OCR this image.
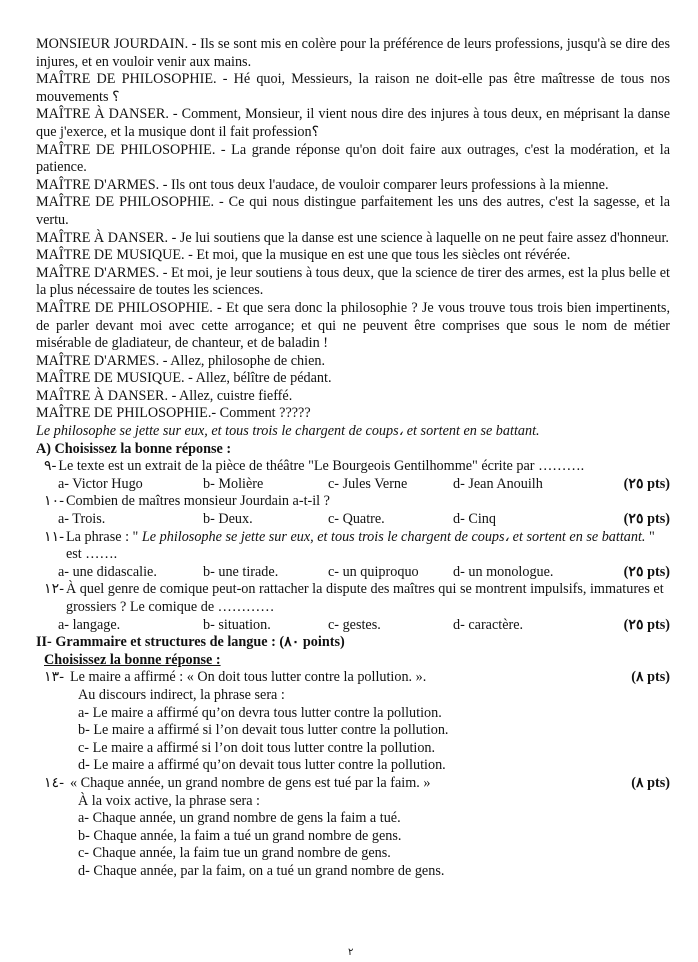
MONSIEUR JOURDAIN. - Ils se sont mis en colère pour la préférence de leurs professions, jusqu'à se dire des injures, et en vouloir venir aux mains.

MAÎTRE DE PHILOSOPHIE. - Hé quoi, Messieurs, la raison ne doit-elle pas être maîtresse de tous nos mouvements ؟

MAÎTRE À DANSER. - Comment, Monsieur, il vient nous dire des injures à tous deux, en méprisant la danse que j'exerce, et la musique dont il fait profession؟

MAÎTRE DE PHILOSOPHIE. - La grande réponse qu'on doit faire aux outrages, c'est la modération, et la patience.

MAÎTRE D'ARMES. - Ils ont tous deux l'audace, de vouloir comparer leurs professions à la mienne.

MAÎTRE DE PHILOSOPHIE. - Ce qui nous distingue parfaitement les uns des autres, c'est la sagesse, et la vertu.

MAÎTRE À DANSER. - Je lui soutiens que la danse est une science à laquelle on ne peut faire assez d'honneur.

MAÎTRE DE MUSIQUE. - Et moi, que la musique en est une que tous les siècles ont révérée.

MAÎTRE D'ARMES. - Et moi, je leur soutiens à tous deux, que la science de tirer des armes, est la plus belle et la plus nécessaire de toutes les sciences.

MAÎTRE DE PHILOSOPHIE. - Et que sera donc la philosophie ? Je vous trouve tous trois bien impertinents, de parler devant moi avec cette arrogance; et qui ne peuvent être comprises que sous le nom de métier misérable de gladiateur, de chanteur, et de baladin !

MAÎTRE D'ARMES. - Allez, philosophe de chien.

MAÎTRE DE MUSIQUE. - Allez, bélître de pédant.

MAÎTRE À DANSER. - Allez, cuistre fieffé.

MAÎTRE DE PHILOSOPHIE.- Comment ?????

Le philosophe se jette sur eux, et tous trois le chargent de coups، et sortent en se battant.

A) Choisissez la bonne réponse :

٩- Le texte est un extrait de la pièce de théâtre "Le Bourgeois Gentilhomme" écrite par ……….
a- Victor Hugo	b- Molière	c- Jules Verne	d- Jean Anouilh	(٢٥ pts)
١٠- Combien de maîtres monsieur Jourdain a-t-il ?
a- Trois.	b- Deux.	c- Quatre.	d- Cinq	(٢٥ pts)
١١- La phrase : " Le philosophe se jette sur eux, et tous trois le chargent de coups، et sortent en se battant. " est …….
a- une didascalie.	b- une tirade.	c- un quiproquo	d- un monologue.	(٢٥ pts)
١٢- À quel genre de comique peut-on rattacher la dispute des maîtres qui se montrent impulsifs, immatures et grossiers ? Le comique de …………
a- langage.	b- situation.	c- gestes.	d- caractère.	(٢٥ pts)

II- Grammaire et structures de langue : (٨٠ points)

Choisissez la bonne réponse :

١٣- Le maire a affirmé : « On doit tous lutter contre la pollution. ».	(٨ pts)

Au discours indirect, la phrase sera :

a- Le maire a affirmé qu’on devra tous lutter contre la pollution.

b- Le maire a affirmé si l’on devait tous lutter contre la pollution.

c- Le maire a affirmé si l’on doit tous lutter contre la pollution.

d- Le maire a affirmé qu’on devait tous lutter contre la pollution.

١٤- « Chaque année, un grand nombre de gens est tué par la faim. »	(٨ pts)

À la voix active, la phrase sera :

a- Chaque année, un grand nombre de gens la faim a tué.

b- Chaque année, la faim a tué un grand nombre de gens.

c- Chaque année, la faim tue un grand nombre de gens.

d- Chaque année, par la faim, on a tué un grand nombre de gens.

٢
